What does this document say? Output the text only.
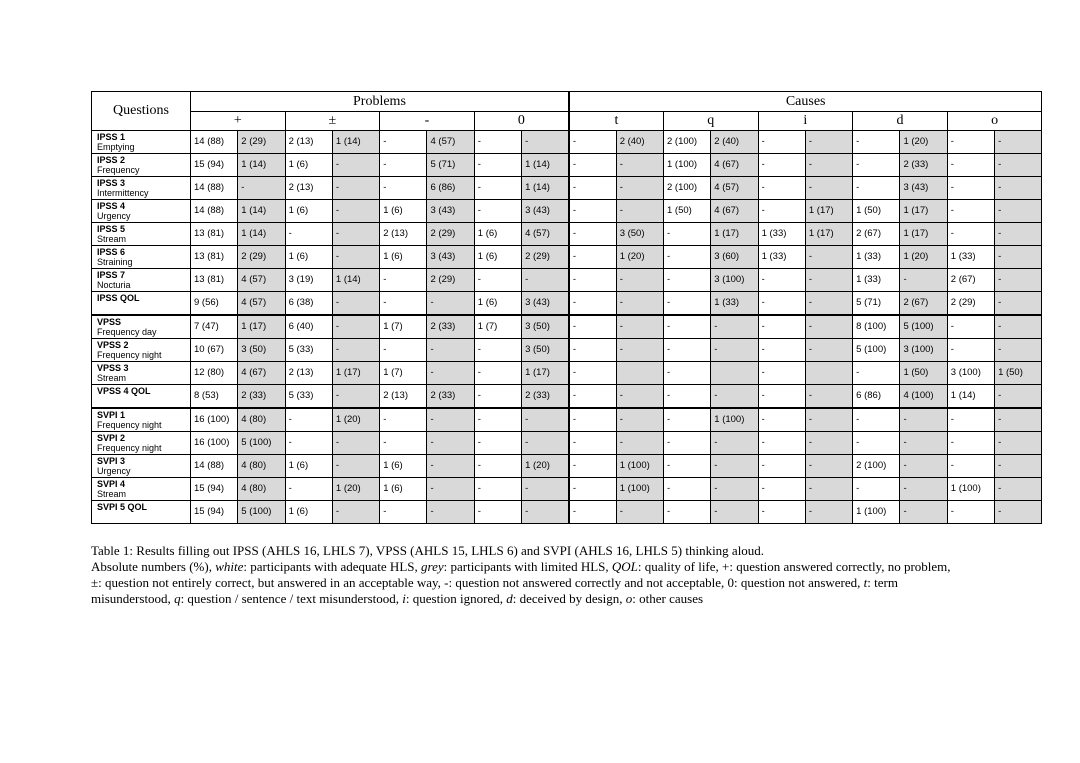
Questions	Problems								Causes									
	+		±		-		0		t		q		i		d		o	

IPSS 1
Emptying	14 (88)	2 (29)	2 (13)	1 (14)	-	4 (57)	-	-	-	2 (40)	2 (100)	2 (40)	-	-	-	1 (20)	-	-

IPSS 2
Frequency	15 (94)	1 (14)	1 (6)	-	-	5 (71)	-	1 (14)	-	-	1 (100)	4 (67)	-	-	-	2 (33)	-	-

IPSS 3
Intermittency	14 (88)	-	2 (13)	-	-	6 (86)	-	1 (14)	-	-	2 (100)	4 (57)	-	-	-	3 (43)	-	-

IPSS 4
Urgency	14 (88)	1 (14)	1 (6)	-	1 (6)	3 (43)	-	3 (43)	-	-	1 (50)	4 (67)	-	1 (17)	1 (50)	1 (17)	-	-

IPSS 5
Stream	13 (81)	1 (14)	-	-	2 (13)	2 (29)	1 (6)	4 (57)	-	3 (50)	-	1 (17)	1 (33)	1 (17)	2 (67)	1 (17)	-	-

IPSS 6
Straining	13 (81)	2 (29)	1 (6)	-	1 (6)	3 (43)	1 (6)	2 (29)	-	1 (20)	-	3 (60)	1 (33)	-	1 (33)	1 (20)	1 (33)	-

IPSS 7
Nocturia	13 (81)	4 (57)	3 (19)	1 (14)	-	2 (29)	-	-	-	-	-	3 (100)	-	-	1 (33)	-	2 (67)	-

IPSS QOL	9 (56)	4 (57)	6 (38)	-	-	-	1 (6)	3 (43)	-	-	-	1 (33)	-	-	5 (71)	2 (67)	2 (29)	-

VPSS
Frequency day	7 (47)	1 (17)	6 (40)	-	1 (7)	2 (33)	1 (7)	3 (50)	-	-	-	-	-	-	8 (100)	5 (100)	-	-

VPSS 2
Frequency night	10 (67)	3 (50)	5 (33)	-	-	-	-	3 (50)	-	-	-	-	-	-	5 (100)	3 (100)	-	-

VPSS 3
Stream	12 (80)	4 (67)	2 (13)	1 (17)	1 (7)	-	-	1 (17)	-		-		-		-	1 (50)	3 (100)	1 (50)

VPSS 4 QOL	8 (53)	2 (33)	5 (33)	-	2 (13)	2 (33)	-	2 (33)	-	-	-	-	-	-	6 (86)	4 (100)	1 (14)	-

SVPI 1
Frequency night	16 (100)	4 (80)	-	1 (20)	-	-	-	-	-	-	-	1 (100)	-	-	-	-	-	-

SVPI 2
Frequency night	16 (100)	5 (100)	-	-	-	-	-	-	-	-	-	-	-	-	-	-	-	-

SVPI 3
Urgency	14 (88)	4 (80)	1 (6)	-	1 (6)	-	-	1 (20)	-	1 (100)	-	-	-	-	2 (100)	-	-	-

SVPI 4
Stream	15 (94)	4 (80)	-	1 (20)	1 (6)	-	-	-	-	1 (100)	-	-	-	-	-	-	1 (100)	-

SVPI 5 QOL	15 (94)	5 (100)	1 (6)	-	-	-	-	-	-	-	-	-	-	-	1 (100)	-	-	-

Table 1: Results filling out IPSS (AHLS 16, LHLS 7), VPSS (AHLS 15, LHLS 6) and SVPI (AHLS 16, LHLS 5) thinking aloud.

Absolute numbers (%), white: participants with adequate HLS, grey: participants with limited HLS, QOL: quality of life, +: question answered correctly, no problem,

±: question not entirely correct, but answered in an acceptable way, -: question not answered correctly and not acceptable, 0: question not answered, t: term

misunderstood, q: question / sentence / text misunderstood, i: question ignored, d: deceived by design, o: other causes
